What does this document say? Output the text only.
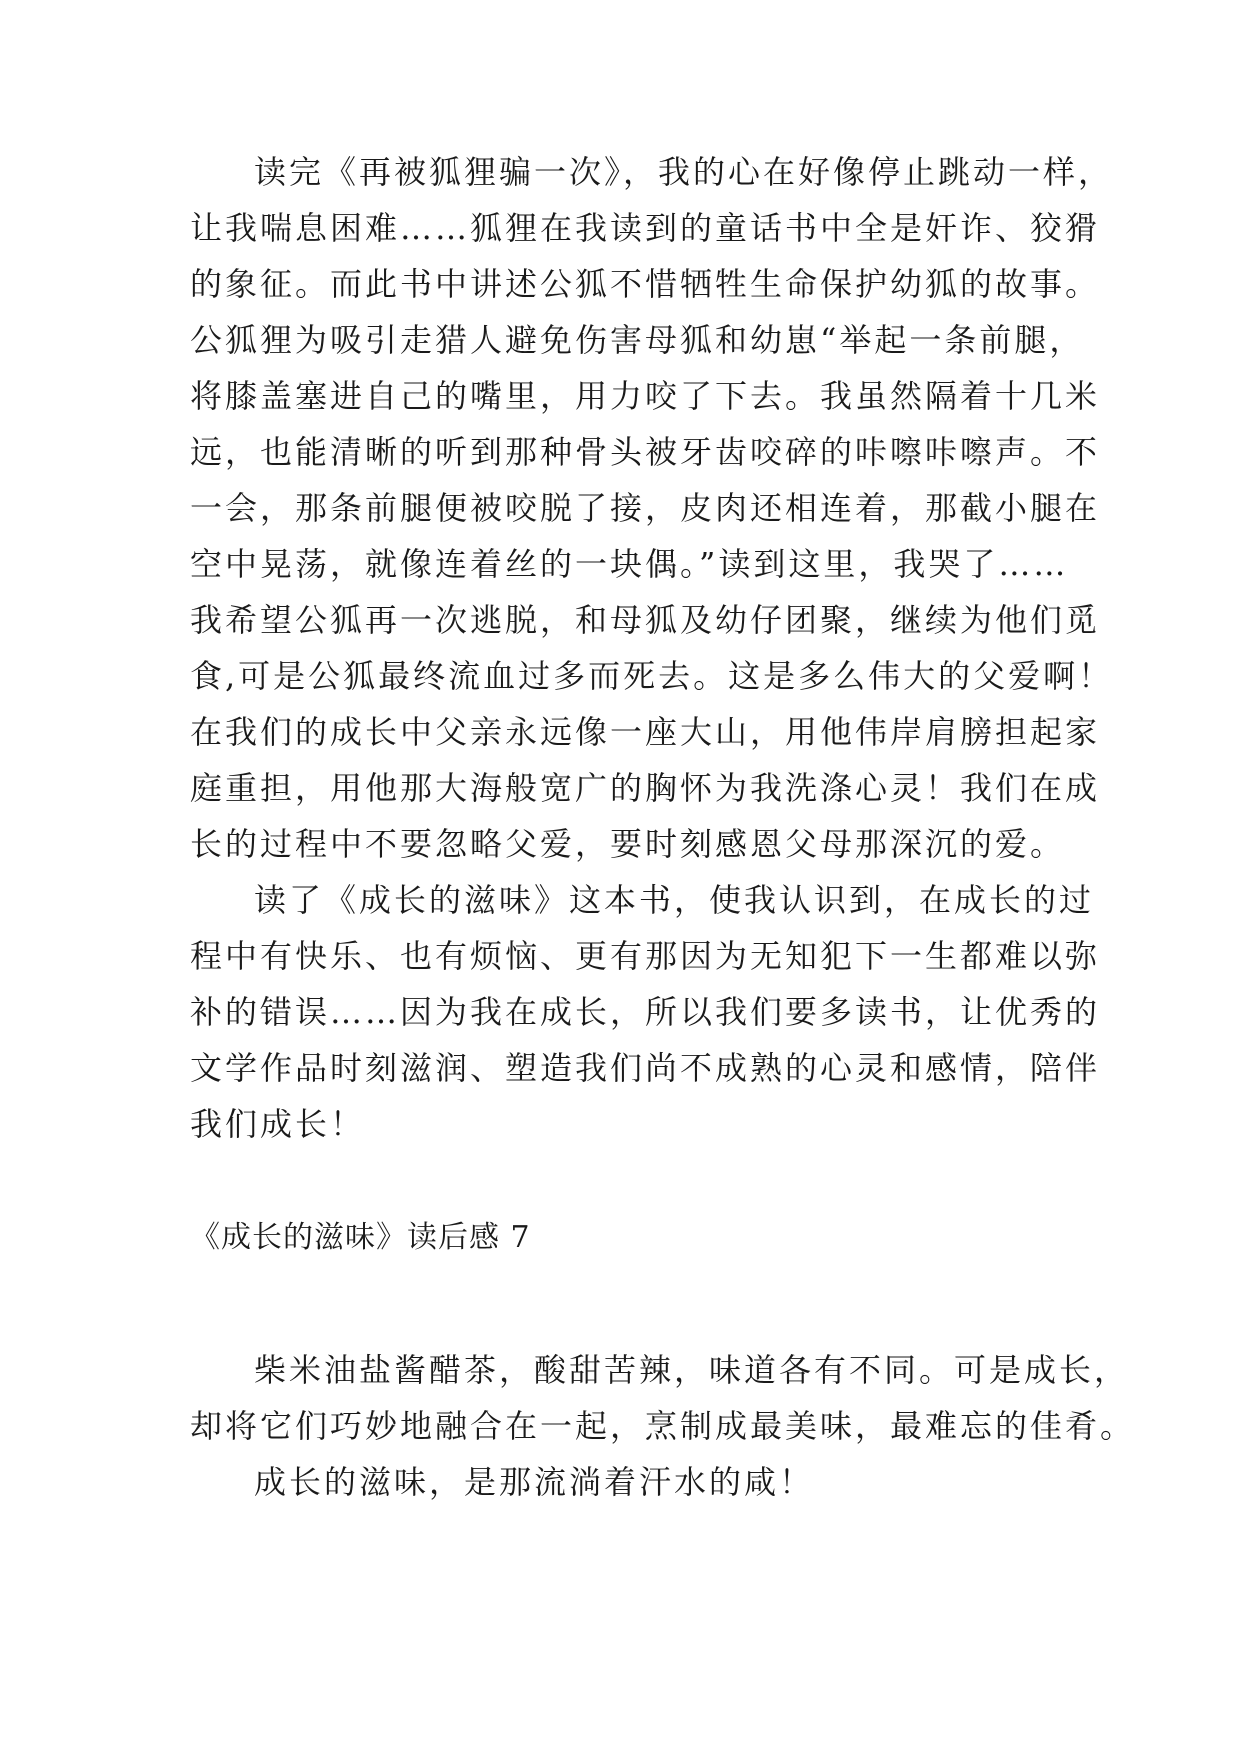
读完《再被狐狸骗一次》，我的心在好像停止跳动一样，
让我喘息困难……狐狸在我读到的童话书中全是奸诈、狡猾
的象征。而此书中讲述公狐不惜牺牲生命保护幼狐的故事。
公狐狸为吸引走猎人避免伤害母狐和幼崽“举起一条前腿，
将膝盖塞进自己的嘴里，用力咬了下去。我虽然隔着十几米
远，也能清晰的听到那种骨头被牙齿咬碎的咔嚓咔嚓声。不
一会，那条前腿便被咬脱了接，皮肉还相连着，那截小腿在
空中晃荡，就像连着丝的一块偶。”读到这里，我哭了……
我希望公狐再一次逃脱，和母狐及幼仔团聚，继续为他们觅
食,可是公狐最终流血过多而死去。这是多么伟大的父爱啊！
在我们的成长中父亲永远像一座大山，用他伟岸肩膀担起家
庭重担，用他那大海般宽广的胸怀为我洗涤心灵！我们在成
长的过程中不要忽略父爱，要时刻感恩父母那深沉的爱。
读了《成长的滋味》这本书，使我认识到，在成长的过
程中有快乐、也有烦恼、更有那因为无知犯下一生都难以弥
补的错误……因为我在成长，所以我们要多读书，让优秀的
文学作品时刻滋润、塑造我们尚不成熟的心灵和感情，陪伴
我们成长！
《成长的滋味》读后感 7
柴米油盐酱醋茶，酸甜苦辣，味道各有不同。可是成长，
却将它们巧妙地融合在一起，烹制成最美味，最难忘的佳肴。
成长的滋味，是那流淌着汗水的咸！
